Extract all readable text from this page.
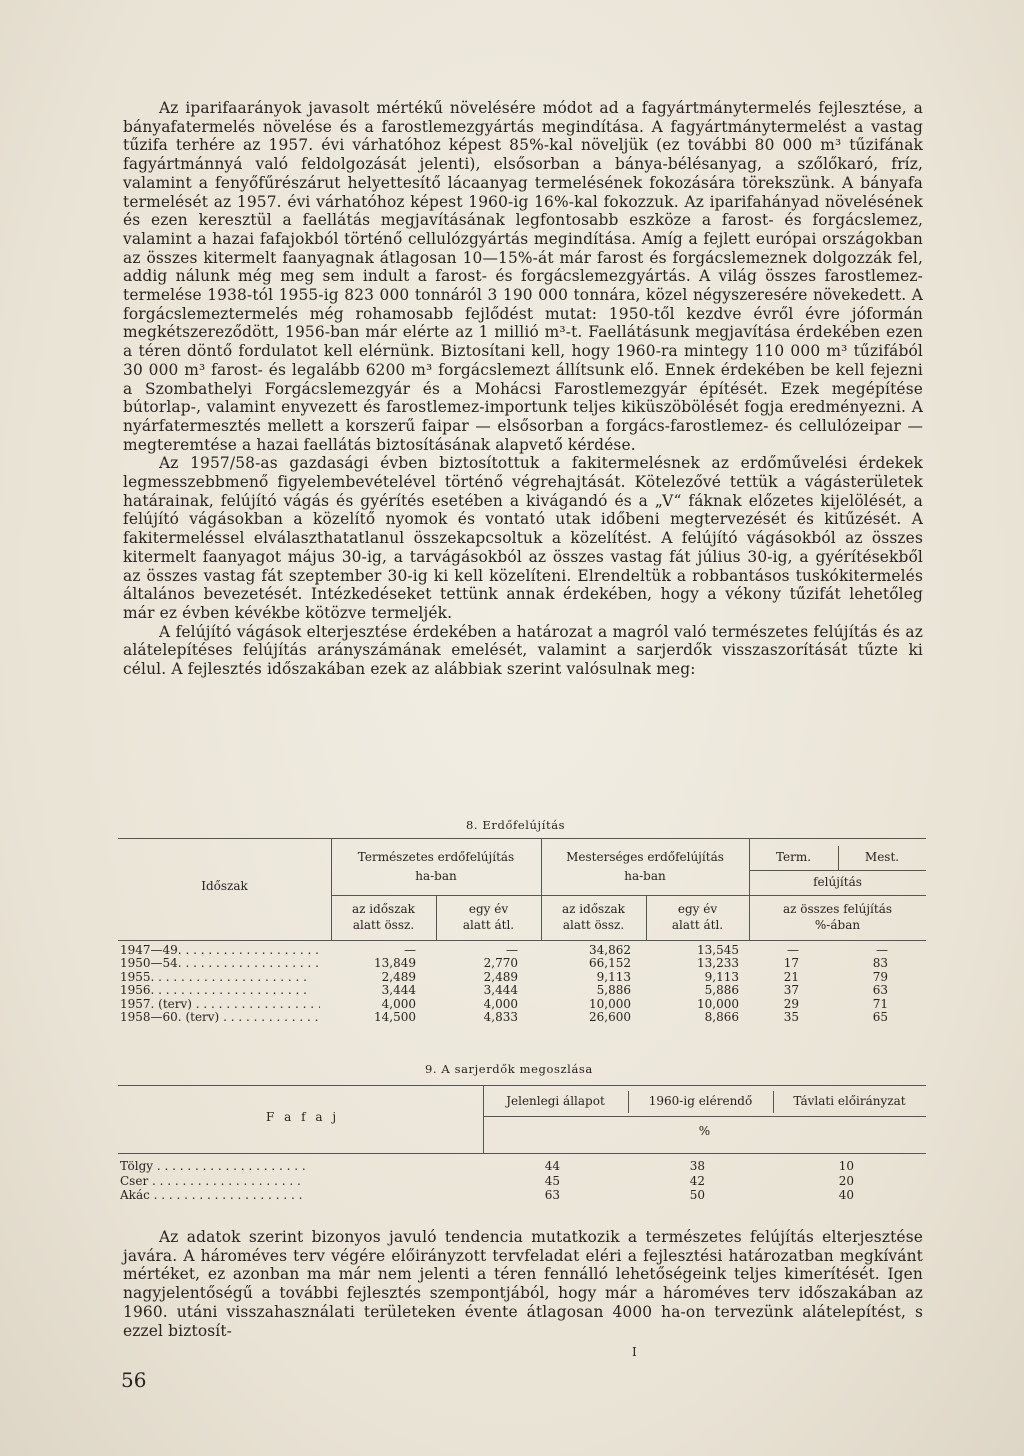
Az iparifaarányok javasolt mértékű növelésére módot ad a fagyártmánytermelés fejlesztése, a bányafatermelés növelése és a farostlemezgyártás megindítása. A fagyártmánytermelést a vastag tűzifa terhére az 1957. évi várhatóhoz képest 85%-kal növeljük (ez további 80 000 m³ tűzifának fagyártmánnyá való feldolgozását jelenti), elsősorban a bánya-bélésanyag, a szőlőkaró, fríz, valamint a fenyőfűrészárut helyettesítő lácaanyag termelésének fokozására törekszünk. A bányafa termelését az 1957. évi várhatóhoz képest 1960-ig 16%-kal fokozzuk. Az iparifahányad növelésének és ezen keresztül a faellátás megjavításának legfontosabb eszköze a farost- és forgácslemez, valamint a hazai fafajokból történő cellulózgyártás megindítása. Amíg a fejlett európai országokban az összes kitermelt faanyagnak átlagosan 10—15%-át már farost és forgácslemeznek dolgozzák fel, addig nálunk még meg sem indult a farost- és forgácslemezgyártás. A világ összes farostlemez-termelése 1938-tól 1955-ig 823 000 tonnáról 3 190 000 tonnára, közel négyszeresére növekedett. A forgácslemeztermelés még rohamosabb fejlődést mutat: 1950-től kezdve évről évre jóformán megkétszereződött, 1956-ban már elérte az 1 millió m³-t. Faellátásunk megjavítása érdekében ezen a téren döntő fordulatot kell elérnünk. Biztosítani kell, hogy 1960-ra mintegy 110 000 m³ tűzifából 30 000 m³ farost- és legalább 6200 m³ forgácslemezt állítsunk elő. Ennek érdekében be kell fejezni a Szombathelyi Forgácslemezgyár és a Mohácsi Farostlemezgyár építését. Ezek megépítése bútorlap-, valamint enyvezett és farostlemez-importunk teljes kiküszöbölését fogja eredményezni. A nyárfatermesztés mellett a korszerű faipar — elsősorban a forgács-farostlemez- és cellulózeipar — megteremtése a hazai faellátás biztosításának alapvető kérdése.

Az 1957/58-as gazdasági évben biztosítottuk a fakitermelésnek az erdőművelési érdekek legmesszebbmenő figyelembevételével történő végrehajtását. Kötelezővé tettük a vágásterületek határainak, felújító vágás és gyérítés esetében a kivágandó és a „V“ fáknak előzetes kijelölését, a felújító vágásokban a közelítő nyomok és vontató utak időbeni megtervezését és kitűzését. A fakitermeléssel elválaszthatatlanul összekapcsoltuk a közelítést. A felújító vágásokból az összes kitermelt faanyagot május 30-ig, a tarvágásokból az összes vastag fát július 30-ig, a gyérítésekből az összes vastag fát szeptember 30-ig ki kell közelíteni. Elrendeltük a robbantásos tuskókitermelés általános bevezetését. Intézkedéseket tettünk annak érdekében, hogy a vékony tűzifát lehetőleg már ez évben kévékbe kötözve termeljék.

A felújító vágások elterjesztése érdekében a határozat a magról való természetes felújítás és az alátelepítéses felújítás arányszámának emelését, valamint a sarjerdők visszaszorítását tűzte ki célul. A fejlesztés időszakában ezek az alábbiak szerint valósulnak meg:

8. Erdőfelújítás
Időszak
Természetes erdőfelújítás
ha-ban
Mesterséges erdőfelújítás
ha-ban
Term.	Mest.
felújítás
az időszak
alatt össz.
egy év
alatt átl.
az időszak
alatt össz.
egy év
alatt átl.
az összes felújítás
%-ában
1947—49. . . .	—	—	34,862	13,545	—	—
1950—54. . . .	13,849	2,770	66,152	13,233	17	83
1955. . . .	2,489	2,489	9,113	9,113	21	79
1956. . . .	3,444	3,444	5,886	5,886	37	63
1957. (terv) . . .	4,000	4,000	10,000	10,000	29	71
1958—60. (terv) . . .	14,500	4,833	26,600	8,866	35	65
9. A sarjerdők megoszlása
F a f a j
Jelenlegi állapot	1960-ig elérendő	Távlati előirányzat
%
Tölgy . . .	44	38	10
Cser . . .	45	42	20
Akác . . .	63	50	40

Az adatok szerint bizonyos javuló tendencia mutatkozik a természetes felújítás elterjesztése javára. A hároméves terv végére előirányzott tervfeladat eléri a fejlesztési határozatban megkívánt mértéket, ez azonban ma már nem jelenti a téren fennálló lehetőségeink teljes kimerítését. Igen nagyjelentőségű a további fejlesztés szempontjából, hogy már a hároméves terv időszakában az 1960. utáni visszahasználati területeken évente átlagosan 4000 ha-on tervezünk alátelepítést, s ezzel biztosít-

I
56
